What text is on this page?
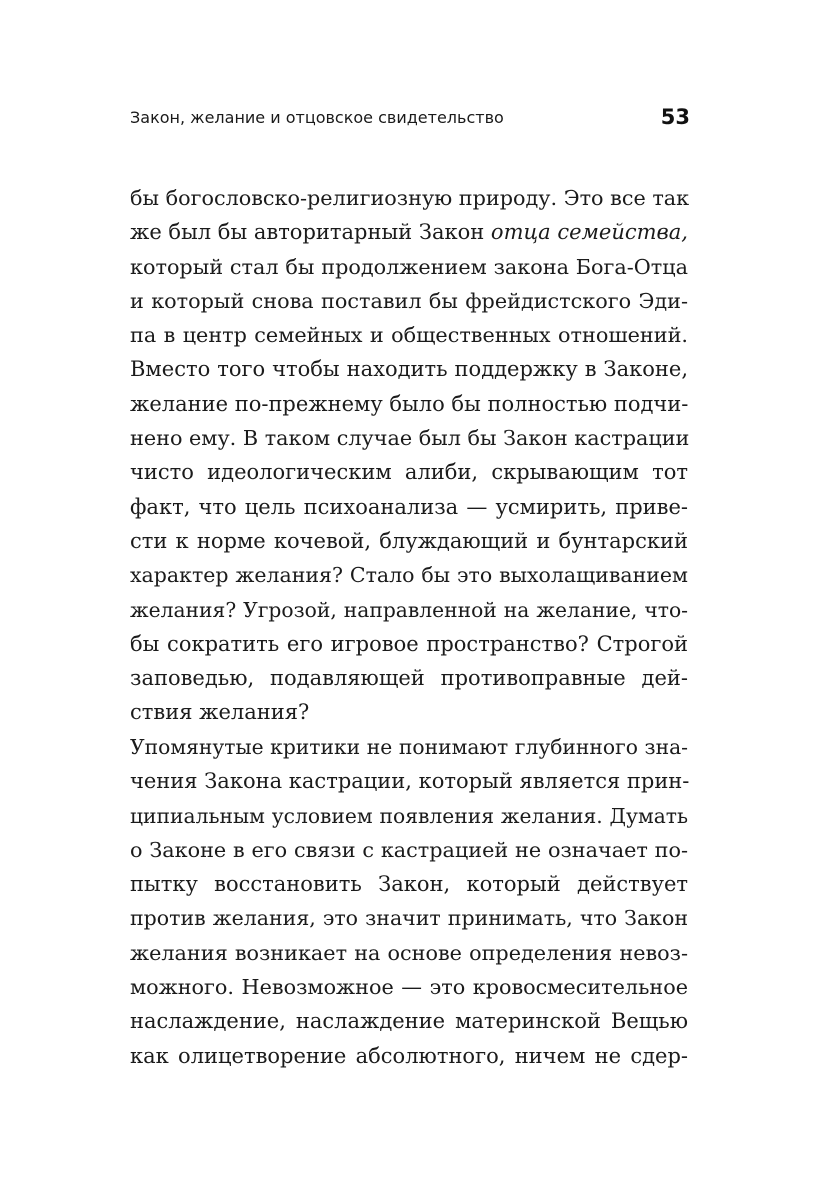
Закон, желание и отцовское свидетельство	53
бы богословско-религиозную природу. Это все так
же был бы авторитарный Закон отца семейства,
который стал бы продолжением закона Бога-Отца
и который снова поставил бы фрейдистского Эди-
па в центр семейных и общественных отношений.
Вместо того чтобы находить поддержку в Законе,
желание по-прежнему было бы полностью подчи-
нено ему. В таком случае был бы Закон кастрации
чисто идеологическим алиби, скрывающим тот
факт, что цель психоанализа — усмирить, приве-
сти к норме кочевой, блуждающий и бунтарский
характер желания? Стало бы это выхолащиванием
желания? Угрозой, направленной на желание, что-
бы сократить его игровое пространство? Строгой
заповедью, подавляющей противоправные дей-
ствия желания?
Упомянутые критики не понимают глубинного зна-
чения Закона кастрации, который является прин-
ципиальным условием появления желания. Думать
о Законе в его связи с кастрацией не означает по-
пытку восстановить Закон, который действует
против желания, это значит принимать, что Закон
желания возникает на основе определения невоз-
можного. Невозможное — это кровосмесительное
наслаждение, наслаждение материнской Вещью
как олицетворение абсолютного, ничем не сдер-
